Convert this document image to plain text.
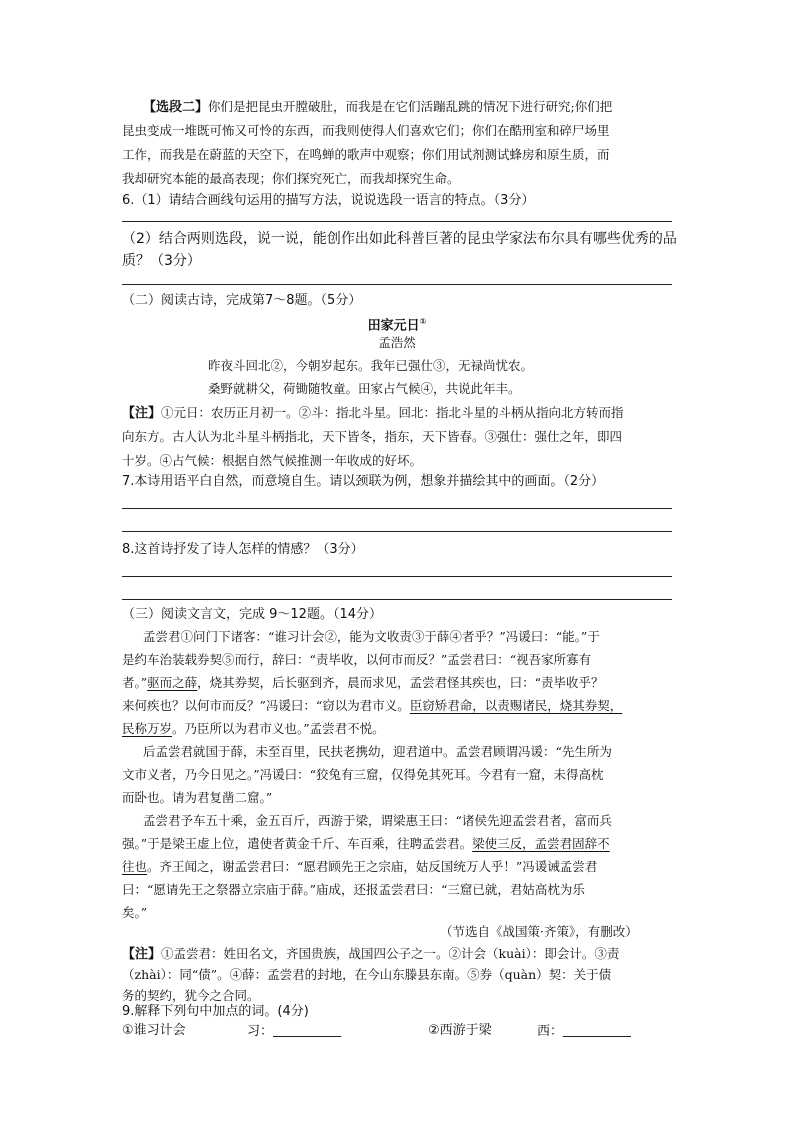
【选段二】你们是把昆虫开膛破肚，而我是在它们活蹦乱跳的情况下进行研究;你们把
昆虫变成一堆既可怖又可怜的东西，而我则使得人们喜欢它们；你们在酷刑室和碎尸场里
工作，而我是在蔚蓝的天空下，在鸣蝉的歌声中观察；你们用试剂测试蜂房和原生质，而
我却研究本能的最高表现；你们探究死亡，而我却探究生命。
6.（1）请结合画线句运用的描写方法，说说选段一语言的特点。（3分）
（2）结合两则选段，说一说，能创作出如此科普巨著的昆虫学家法布尔具有哪些优秀的品
质？（3分）
（二）阅读古诗，完成第7～8题。（5分）
田家元日①
孟浩然
昨夜斗回北②，今朝岁起东。我年已强仕③，无禄尚忧农。
桑野就耕父，荷锄随牧童。田家占气候④，共说此年丰。
【注】①元日：农历正月初一。②斗：指北斗星。回北：指北斗星的斗柄从指向北方转而指
向东方。古人认为北斗星斗柄指北，天下皆冬，指东，天下皆春。③强仕：强仕之年，即四
十岁。④占气候：根据自然气候推测一年收成的好坏。
7.本诗用语平白自然，而意境自生。请以颈联为例，想象并描绘其中的画面。（2分）
8.这首诗抒发了诗人怎样的情感？（3分）
（三）阅读文言文，完成 9～12题。（14分）
孟尝君①问门下诸客：“谁习计会②，能为文收责③于薛④者乎？”冯谖曰：“能。”于
是约车治装载券契⑤而行，辞曰：“责毕收，以何市而反？”孟尝君曰：“视吾家所寡有
者。”驱而之薛，烧其券契，后长驱到齐，晨而求见，孟尝君怪其疾也，曰：“责毕收乎？
来何疾也？以何市而反？”冯谖曰：“窃以为君市义。臣窃矫君命，以责赐诸民，烧其券契，
民称万岁。乃臣所以为君市义也。”孟尝君不悦。
后孟尝君就国于薛，未至百里，民扶老携幼，迎君道中。孟尝君顾谓冯谖：“先生所为
文市义者，乃今日见之。”冯谖曰：“狡兔有三窟，仅得免其死耳。今君有一窟，未得高枕
而卧也。请为君复凿二窟。”
孟尝君予车五十乘，金五百斤，西游于梁，谓梁惠王曰：“诸侯先迎孟尝君者，富而兵
强。”于是梁王虚上位，遣使者黄金千斤、车百乘，往聘孟尝君。梁使三反，孟尝君固辞不
往也。齐王闻之，谢孟尝君曰：“愿君顾先王之宗庙，姑反国统万人乎！”冯谖诫孟尝君
曰：“愿请先王之祭器立宗庙于薛。”庙成，还报孟尝君曰：“三窟已就，君姑高枕为乐
矣。”
（节选自《战国策·齐策》，有删改）
【注】①孟尝君：姓田名文，齐国贵族，战国四公子之一。②计会（kuài）：即会计。③责
（zhài）：同“债”。④薛：孟尝君的封地，在今山东滕县东南。⑤券（quàn）契：关于债
务的契约，犹今之合同。
9.解释下列句中加点的词。(4分)
①谁习计会	习：	②西游于梁	西：
